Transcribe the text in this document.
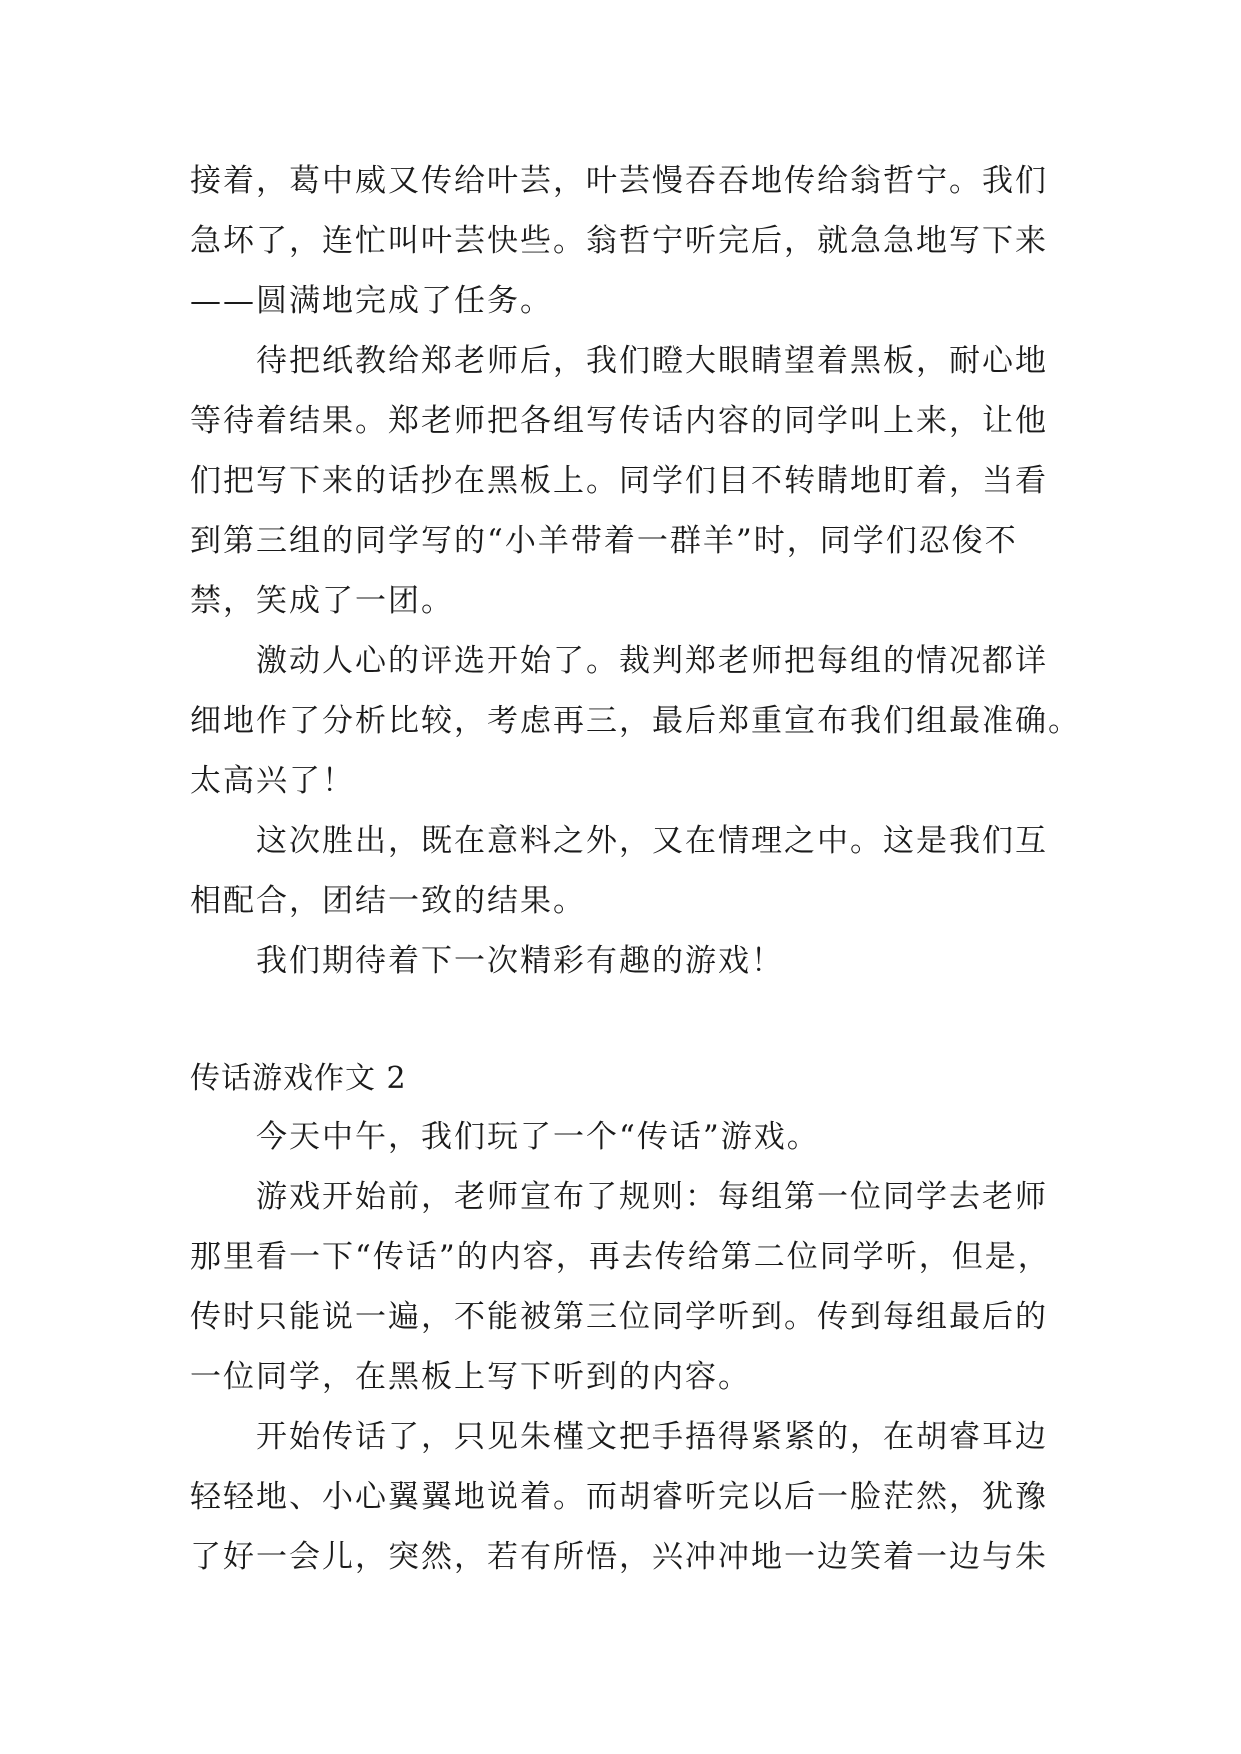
接着，葛中威又传给叶芸，叶芸慢吞吞地传给翁哲宁。我们
急坏了，连忙叫叶芸快些。翁哲宁听完后，就急急地写下来
——圆满地完成了任务。
待把纸教给郑老师后，我们瞪大眼睛望着黑板，耐心地
等待着结果。郑老师把各组写传话内容的同学叫上来，让他
们把写下来的话抄在黑板上。同学们目不转睛地盯着，当看
到第三组的同学写的“小羊带着一群羊”时，同学们忍俊不
禁，笑成了一团。
激动人心的评选开始了。裁判郑老师把每组的情况都详
细地作了分析比较，考虑再三，最后郑重宣布我们组最准确。
太高兴了！
这次胜出，既在意料之外，又在情理之中。这是我们互
相配合，团结一致的结果。
我们期待着下一次精彩有趣的游戏！
传话游戏作文 2
今天中午，我们玩了一个“传话”游戏。
游戏开始前，老师宣布了规则：每组第一位同学去老师
那里看一下“传话”的内容，再去传给第二位同学听，但是，
传时只能说一遍，不能被第三位同学听到。传到每组最后的
一位同学，在黑板上写下听到的内容。
开始传话了，只见朱槿文把手捂得紧紧的，在胡睿耳边
轻轻地、小心翼翼地说着。而胡睿听完以后一脸茫然，犹豫
了好一会儿，突然，若有所悟，兴冲冲地一边笑着一边与朱
